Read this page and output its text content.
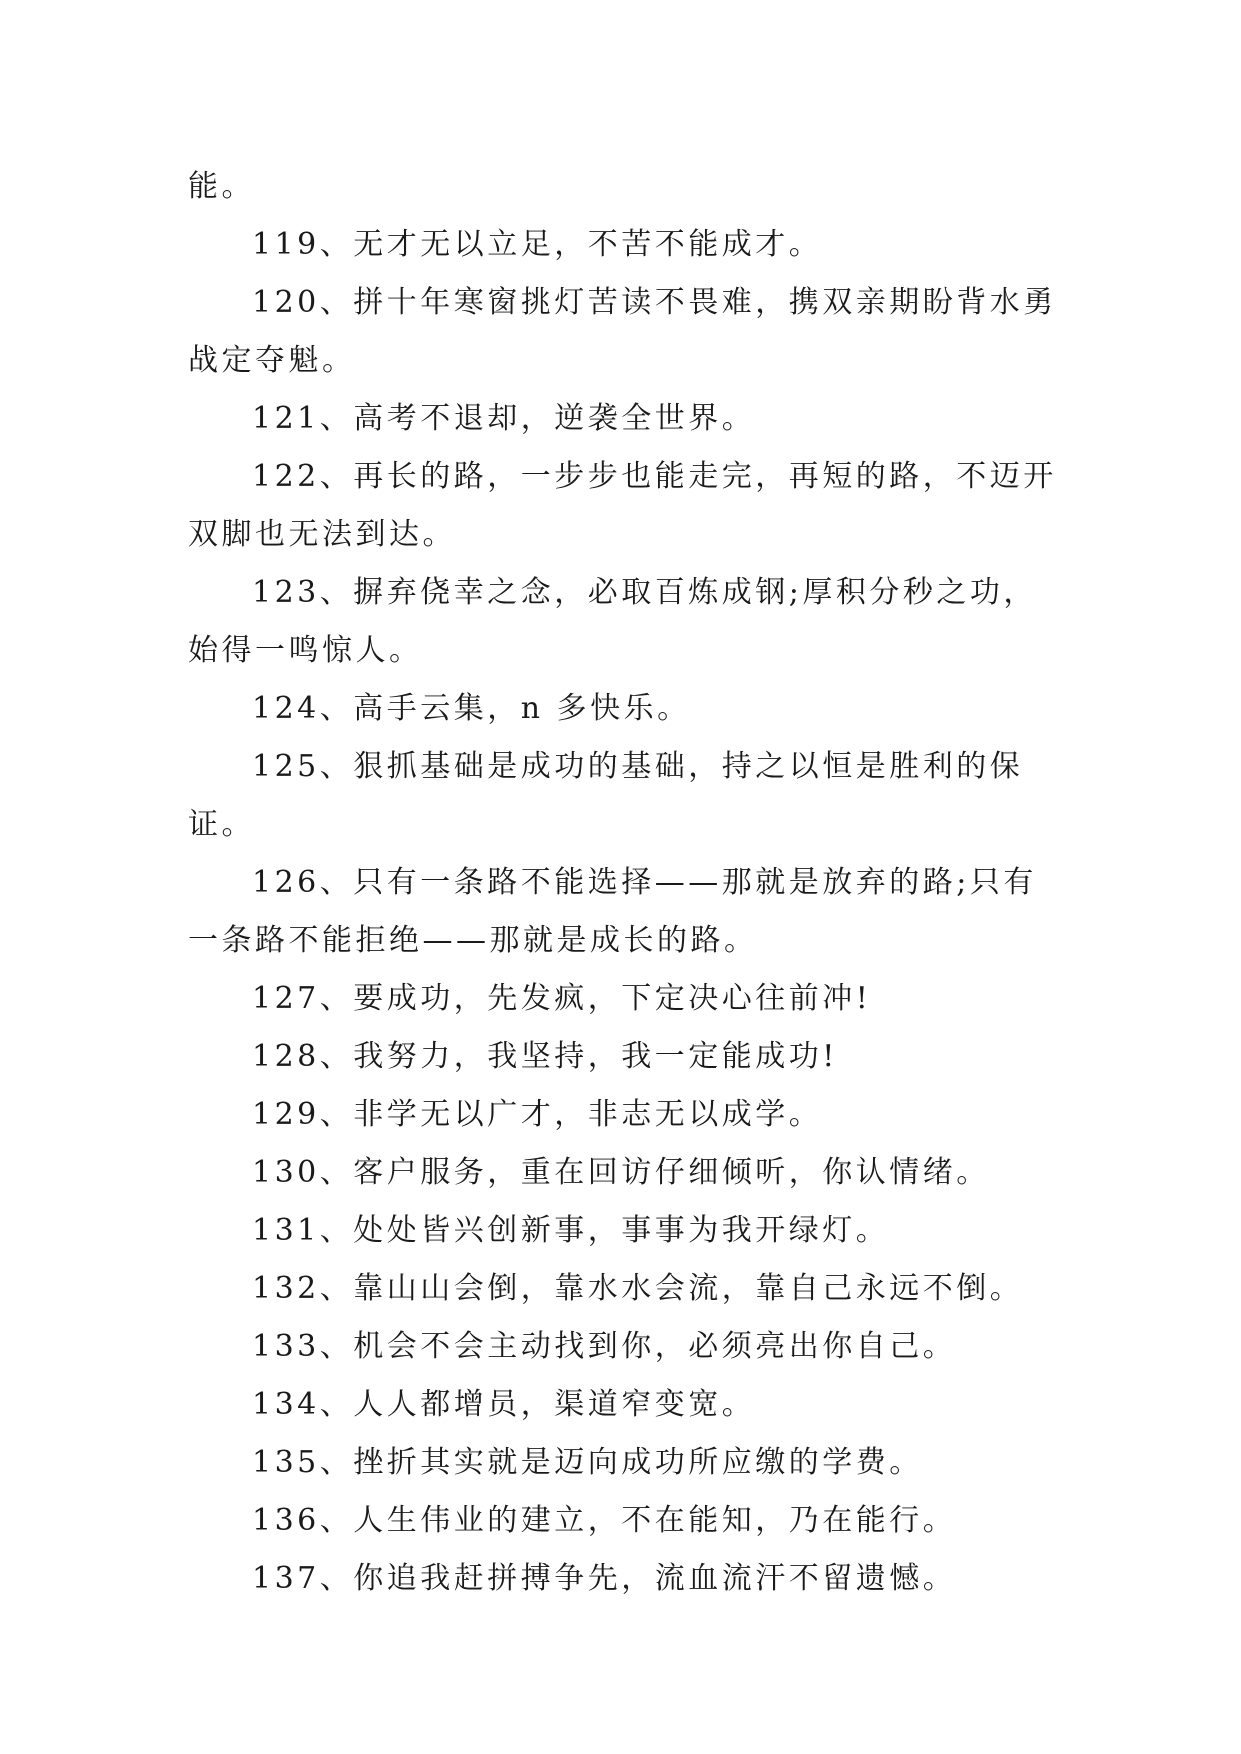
能。

119、无才无以立足，不苦不能成才。

120、拼十年寒窗挑灯苦读不畏难，携双亲期盼背水勇战定夺魁。

121、高考不退却，逆袭全世界。

122、再长的路，一步步也能走完，再短的路，不迈开双脚也无法到达。

123、摒弃侥幸之念，必取百炼成钢;厚积分秒之功，始得一鸣惊人。

124、高手云集，n 多快乐。

125、狠抓基础是成功的基础，持之以恒是胜利的保证。

126、只有一条路不能选择——那就是放弃的路;只有一条路不能拒绝——那就是成长的路。

127、要成功，先发疯，下定决心往前冲!

128、我努力，我坚持，我一定能成功!

129、非学无以广才，非志无以成学。

130、客户服务，重在回访仔细倾听，你认情绪。

131、处处皆兴创新事，事事为我开绿灯。

132、靠山山会倒，靠水水会流，靠自己永远不倒。

133、机会不会主动找到你，必须亮出你自己。

134、人人都增员，渠道窄变宽。

135、挫折其实就是迈向成功所应缴的学费。

136、人生伟业的建立，不在能知，乃在能行。

137、你追我赶拼搏争先，流血流汗不留遗憾。
